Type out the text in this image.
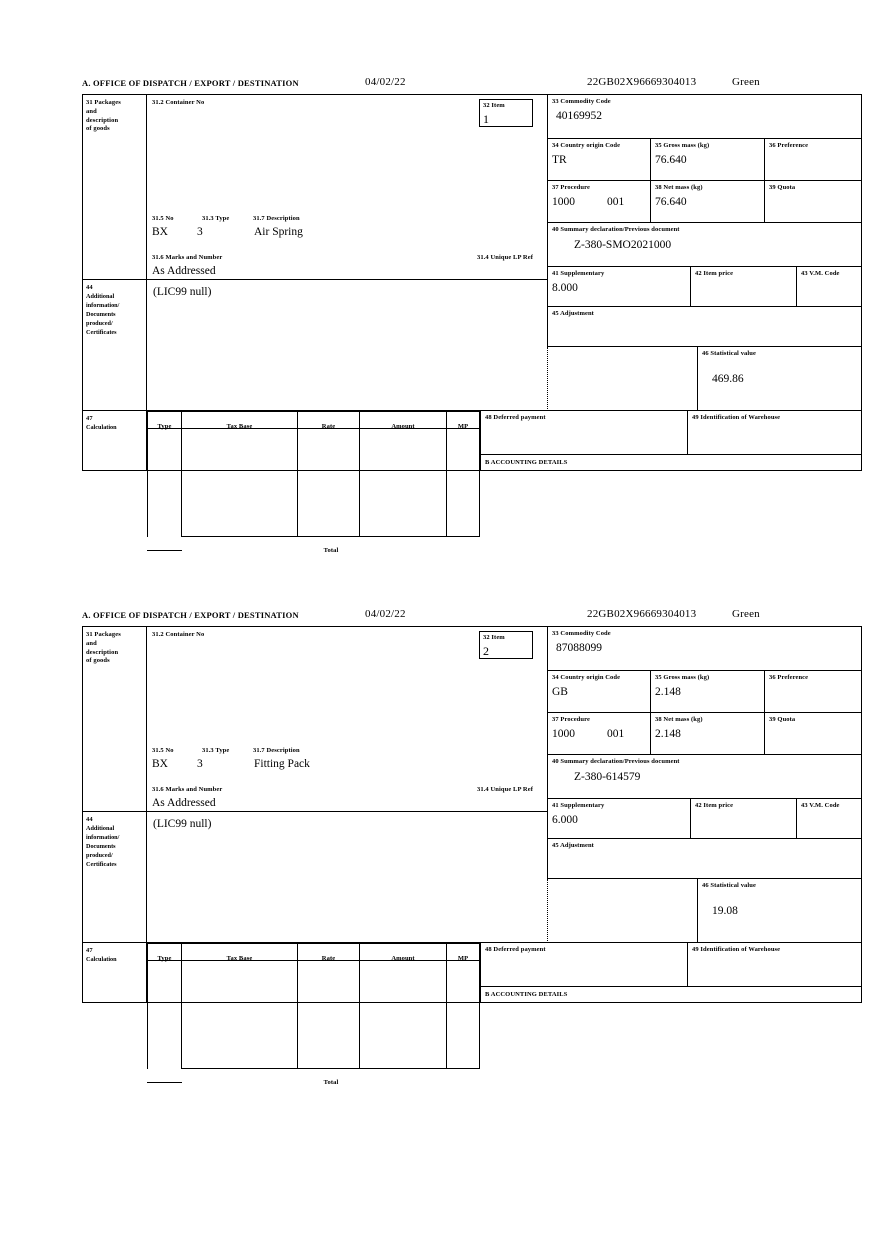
A. OFFICE OF DISPATCH / EXPORT / DESTINATION	04/02/22	22GB02X96669304013	Green
31 Packages
and
description
of goods
31.2 Container No	32 Item
1
31.5 No	31.3 Type	31.7 Description
BX	3	Air Spring
31.6 Marks and Number	31.4 Unique LP Ref
As Addressed
33 Commodity Code
40169952
34 Country origin Code
TR
35 Gross mass (kg)
76.640
36 Preference
37 Procedure
1000	001
38 Net mass (kg)
76.640
39 Quota
40 Summary declaration/Previous document
Z-380-SMO2021000
41 Supplementary
8.000
42 Item price	43 V.M. Code
45 Adjustment
46 Statistical value
469.86
44
Additional
information/
Documents
produced/
Certificates
(LIC99 null)
47
Calculation	Type	Tax Base	Rate	Amount	MP
Total
48 Deferred payment	49 Identification of Warehouse
B ACCOUNTING DETAILS
A. OFFICE OF DISPATCH / EXPORT / DESTINATION	04/02/22	22GB02X96669304013	Green
31 Packages
and
description
of goods
31.2 Container No	32 Item
2
31.5 No	31.3 Type	31.7 Description
BX	3	Fitting Pack
31.6 Marks and Number	31.4 Unique LP Ref
As Addressed
33 Commodity Code
87088099
34 Country origin Code
GB
35 Gross mass (kg)
2.148
36 Preference
37 Procedure
1000	001
38 Net mass (kg)
2.148
39 Quota
40 Summary declaration/Previous document
Z-380-614579
41 Supplementary
6.000
42 Item price	43 V.M. Code
45 Adjustment
46 Statistical value
19.08
44
Additional
information/
Documents
produced/
Certificates
(LIC99 null)
47
Calculation	Type	Tax Base	Rate	Amount	MP
Total
48 Deferred payment	49 Identification of Warehouse
B ACCOUNTING DETAILS
